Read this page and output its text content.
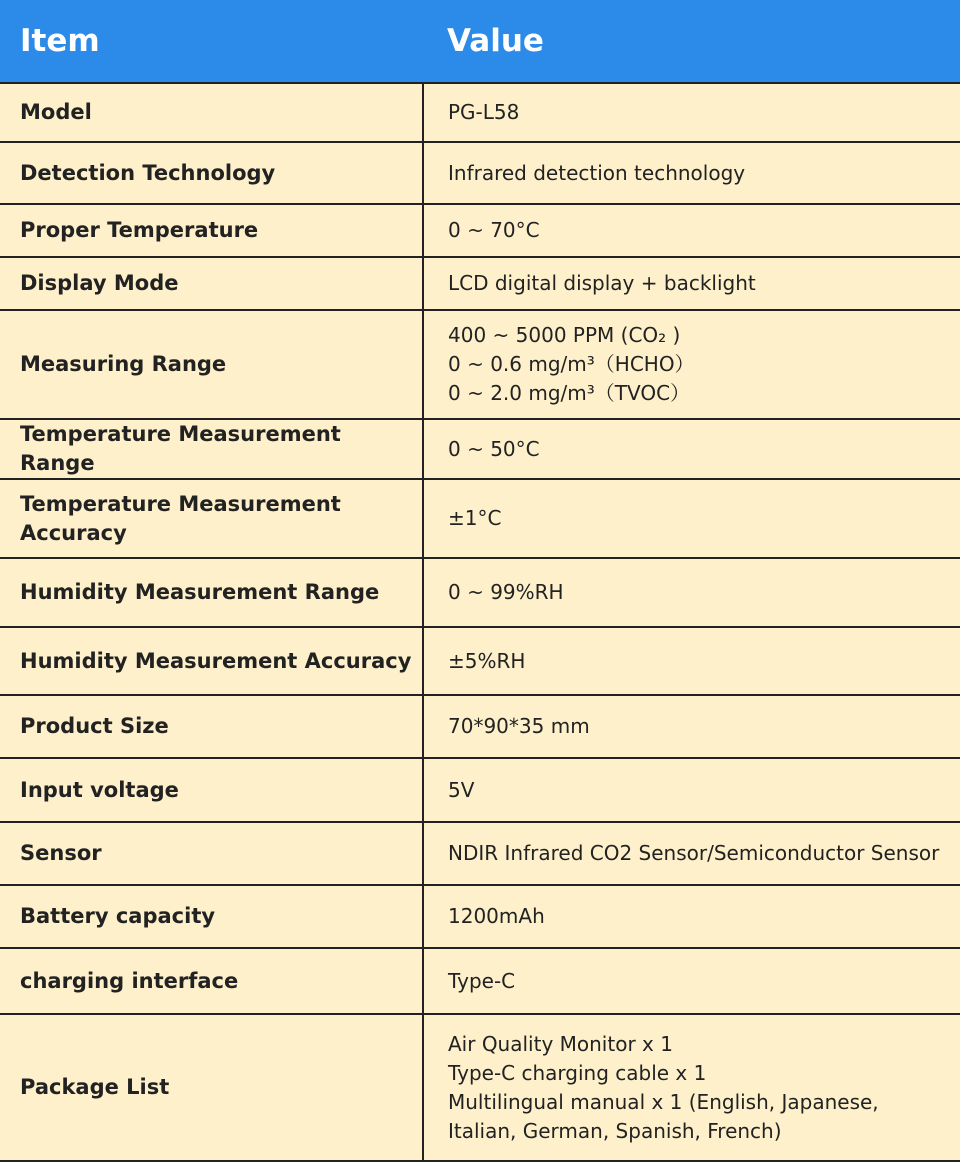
Item	Value
Model	PG-L58

Detection Technology	Infrared detection technology

Proper Temperature	0 ~ 70°C

Display Mode	LCD digital display + backlight

Measuring Range	400 ~ 5000 PPM (CO₂ )
0 ~ 0.6 mg/m³（HCHO）
0 ~ 2.0 mg/m³（TVOC）

Temperature Measurement Range	0 ~ 50°C

Temperature Measurement Accuracy	±1°C

Humidity Measurement Range	0 ~ 99%RH

Humidity Measurement Accuracy	±5%RH

Product Size	70*90*35 mm

Input voltage	5V

Sensor	NDIR Infrared CO2 Sensor/Semiconductor Sensor

Battery capacity	1200mAh

charging interface	Type-C

Package List	Air Quality Monitor x 1
Type-C charging cable x 1
Multilingual manual x 1 (English, Japanese,
Italian, German, Spanish, French)
